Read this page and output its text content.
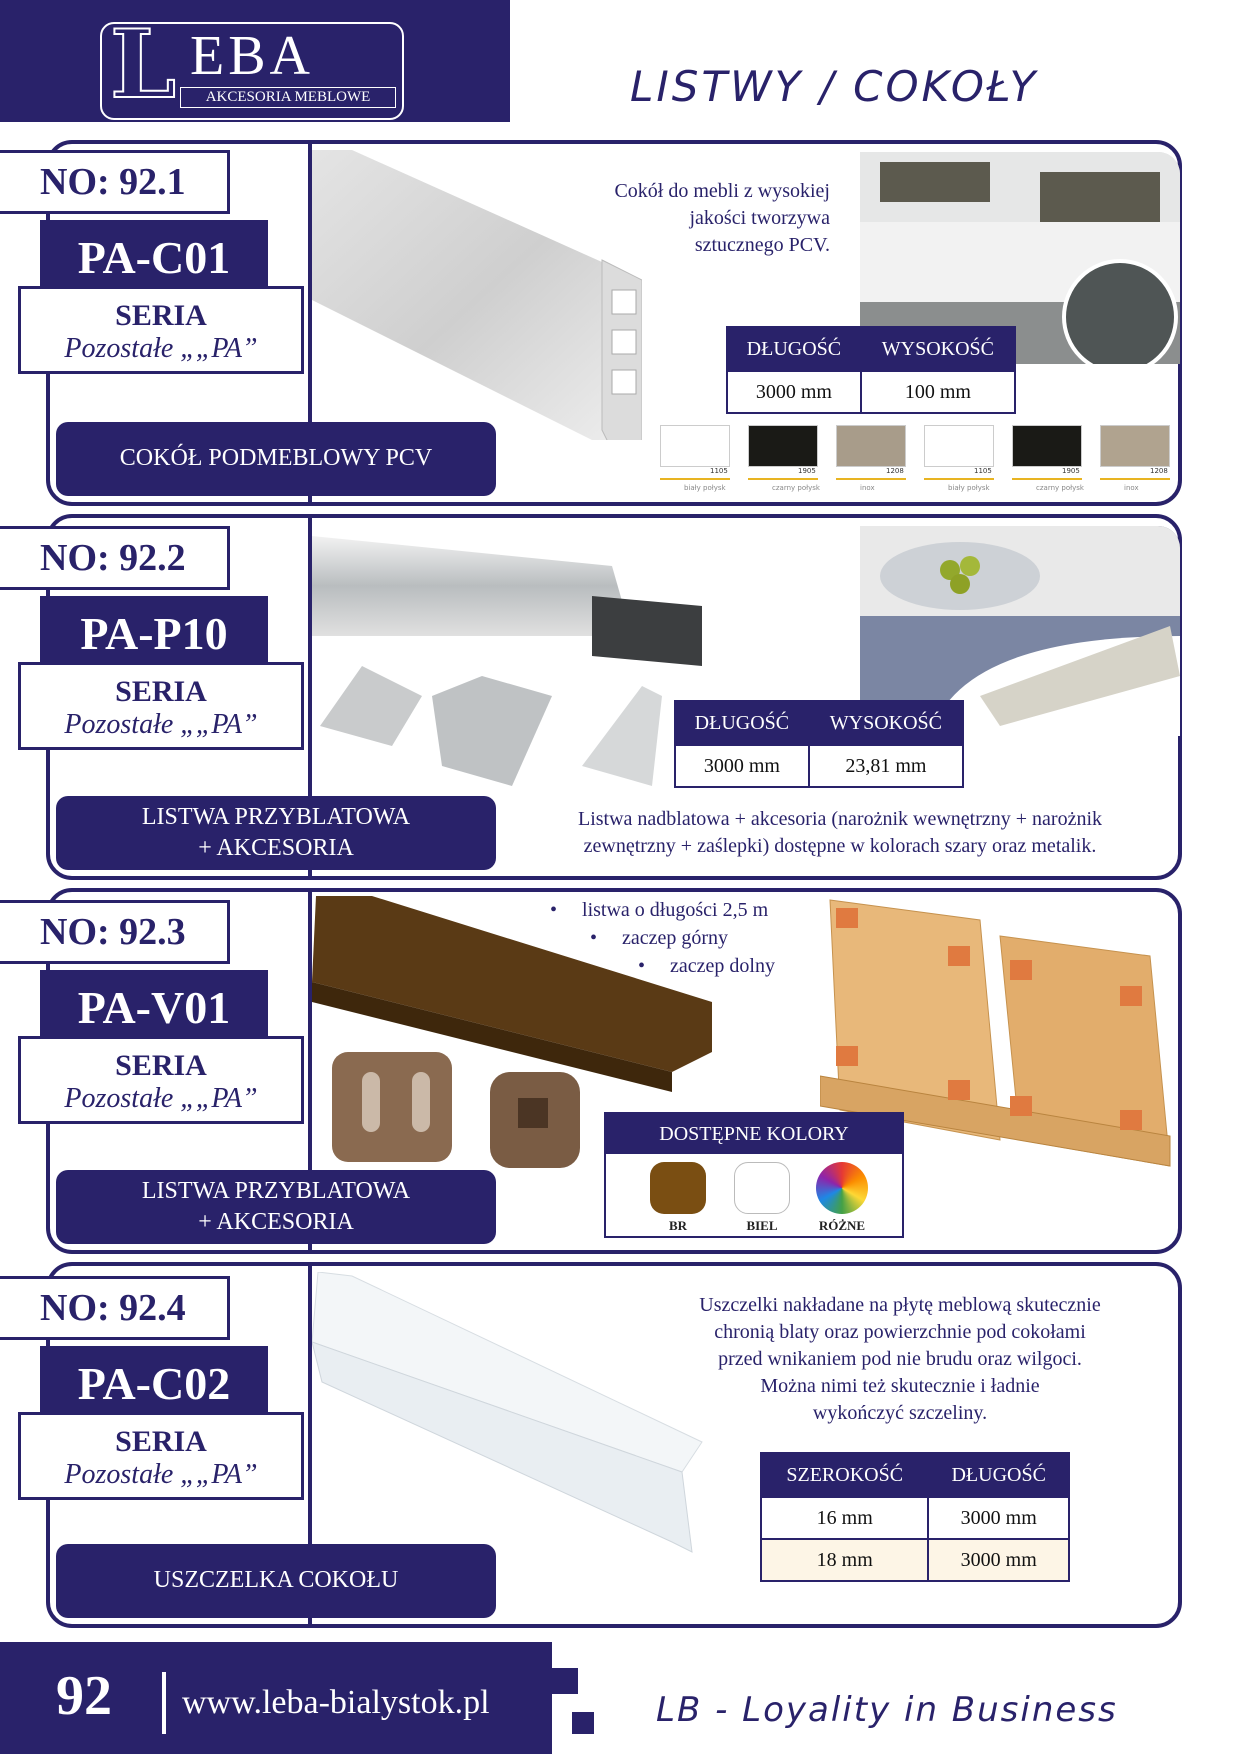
L EBA
AKCESORIA MEBLOWE	LISTWY / COKOŁY
NO: 92.1
PA-C01
SERIA
Pozostałe „„PA”
COKÓŁ PODMEBLOWY PCV
Cokół do mebli z wysokiej
jakości tworzywa
sztucznego PCV.
DŁUGOŚĆ	WYSOKOŚĆ
3000 mm	100 mm
1105
biały połysk
1905
czarny połysk
1208
inox
1105
biały połysk
1905
czarny połysk
1208
inox
NO: 92.2
PA-P10
SERIA
Pozostałe „„PA”
LISTWA PRZYBLATOWA
+ AKCESORIA
DŁUGOŚĆ	WYSOKOŚĆ
3000 mm	23,81 mm
Listwa nadblatowa + akcesoria (narożnik wewnętrzny + narożnik
zewnętrzny + zaślepki) dostępne w kolorach szary oraz metalik.
NO: 92.3
PA-V01
SERIA
Pozostałe „„PA”
LISTWA PRZYBLATOWA
+ AKCESORIA
•     listwa o długości 2,5 m
•     zaczep górny
•     zaczep dolny
DOSTĘPNE KOLORY
BR	BIEL	RÓŻNE
NO: 92.4
PA-C02
SERIA
Pozostałe „„PA”
USZCZELKA COKOŁU
Uszczelki nakładane na płytę meblową skutecznie
chronią blaty oraz powierzchnie pod cokołami
przed wnikaniem pod nie brudu oraz wilgoci.
Można nimi też skutecznie i ładnie
wykończyć szczeliny.
SZEROKOŚĆ	DŁUGOŚĆ
16 mm	3000 mm
18 mm	3000 mm
92 www.leba-bialystok.pl	LB - Loyality in Business
